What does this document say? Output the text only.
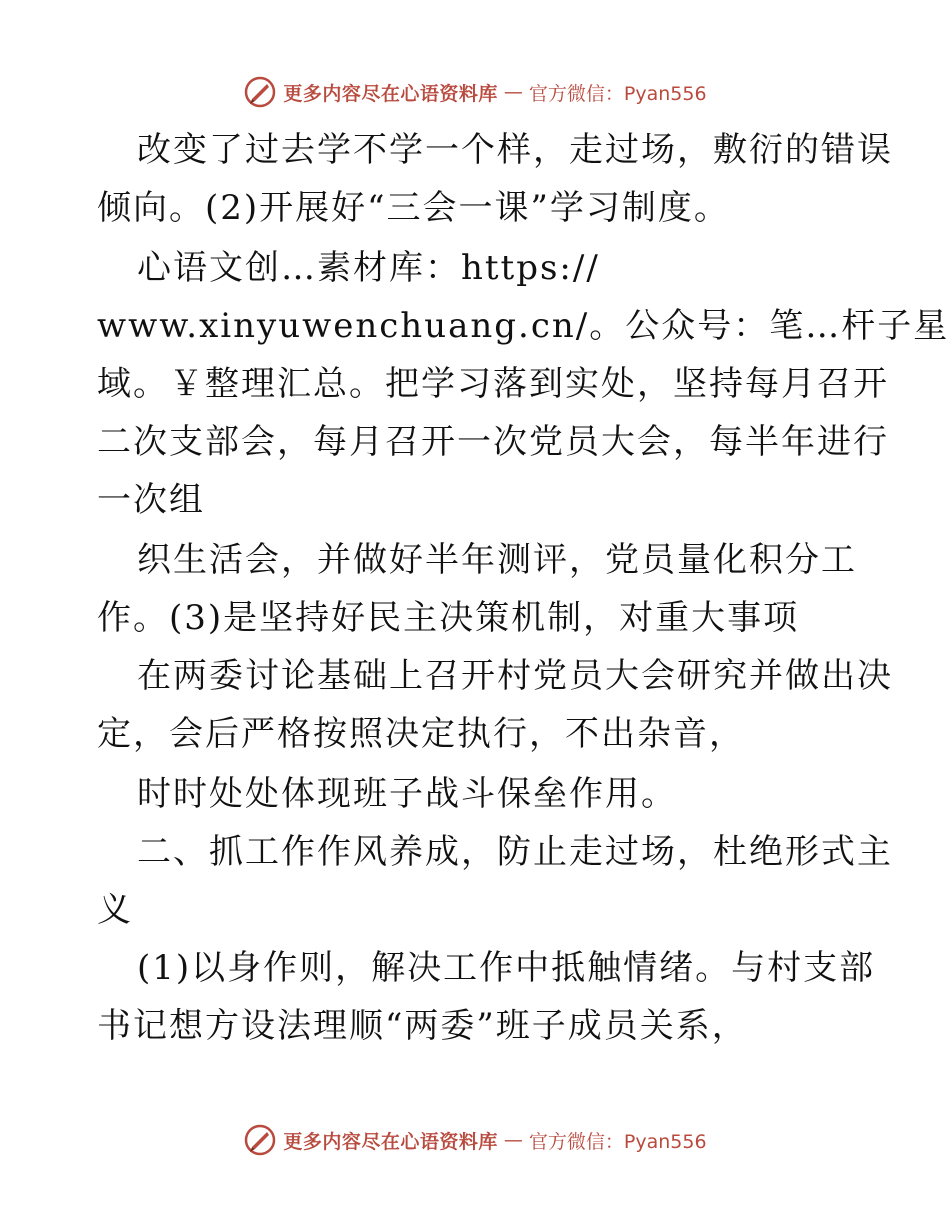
更多内容尽在心语资料库 — 官方微信：Pyan556
改变了过去学不学一个样，走过场，敷衍的错误
倾向。(2)开展好“三会一课”学习制度。
心语文创…素材库：https://
www.xinyuwenchuang.cn/。公众号：笔…杆子星
域。￥整理汇总。把学习落到实处，坚持每月召开
二次支部会，每月召开一次党员大会，每半年进行
一次组
织生活会，并做好半年测评，党员量化积分工
作。(3)是坚持好民主决策机制，对重大事项
在两委讨论基础上召开村党员大会研究并做出决
定，会后严格按照决定执行，不出杂音，
时时处处体现班子战斗保垒作用。
二、抓工作作风养成，防止走过场，杜绝形式主
义
(1)以身作则，解决工作中抵触情绪。与村支部
书记想方设法理顺“两委”班子成员关系，
更多内容尽在心语资料库 — 官方微信：Pyan556
